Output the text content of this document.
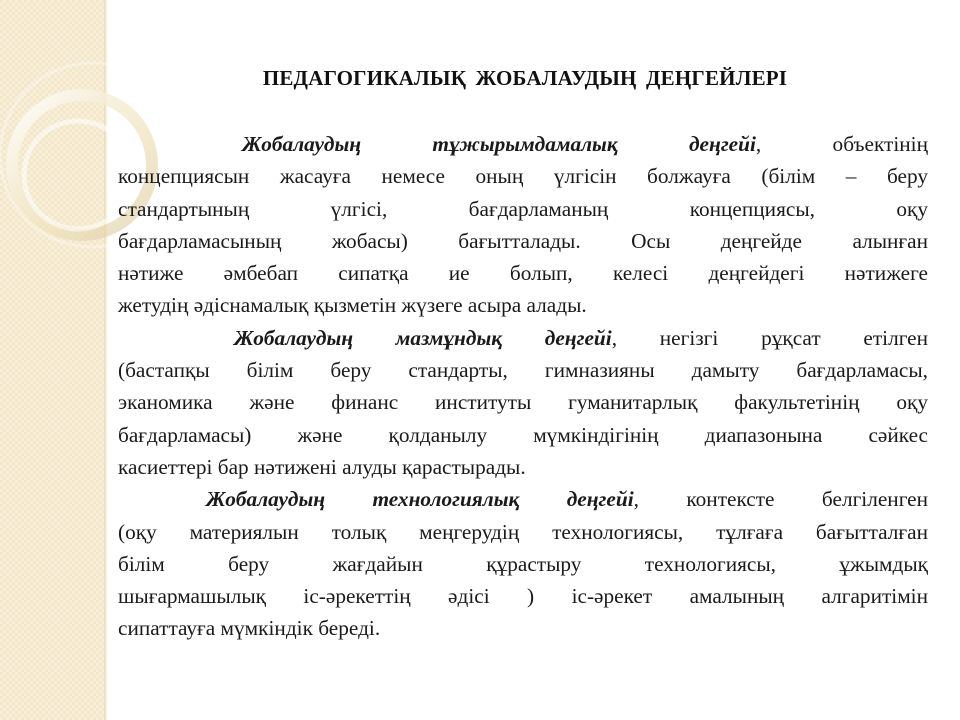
ПЕДАГОГИКАЛЫҚ ЖОБАЛАУДЫҢ ДЕҢГЕЙЛЕРІ
Жобалаудың тұжырымдамалық деңгейі, объектінің
концепциясын жасауға немесе оның үлгісін болжауға (білім – беру
стандартының үлгісі, бағдарламаның концепциясы, оқу
бағдарламасының жобасы) бағытталады. Осы деңгейде алынған
нәтиже әмбебап сипатқа ие болып, келесі деңгейдегі нәтижеге
жетудің әдіснамалық қызметін жүзеге асыра алады.
Жобалаудың мазмұндық деңгейі, негізгі рұқсат етілген
(бастапқы білім беру стандарты, гимназияны дамыту бағдарламасы,
эканомика және финанс институты гуманитарлық факультетінің оқу
бағдарламасы) және қолданылу мүмкіндігінің диапазонына сәйкес
касиеттері бар нәтижені алуды қарастырады.
Жобалаудың технологиялық деңгейі, контексте белгіленген
(оқу материялын толық меңгерудің технологиясы, тұлғаға бағытталған
білім беру жағдайын құрастыру технологиясы, ұжымдық
шығармашылық іс-әрекеттің әдісі ) іс-әрекет амалының алгаритімін
сипаттауға мүмкіндік береді.
